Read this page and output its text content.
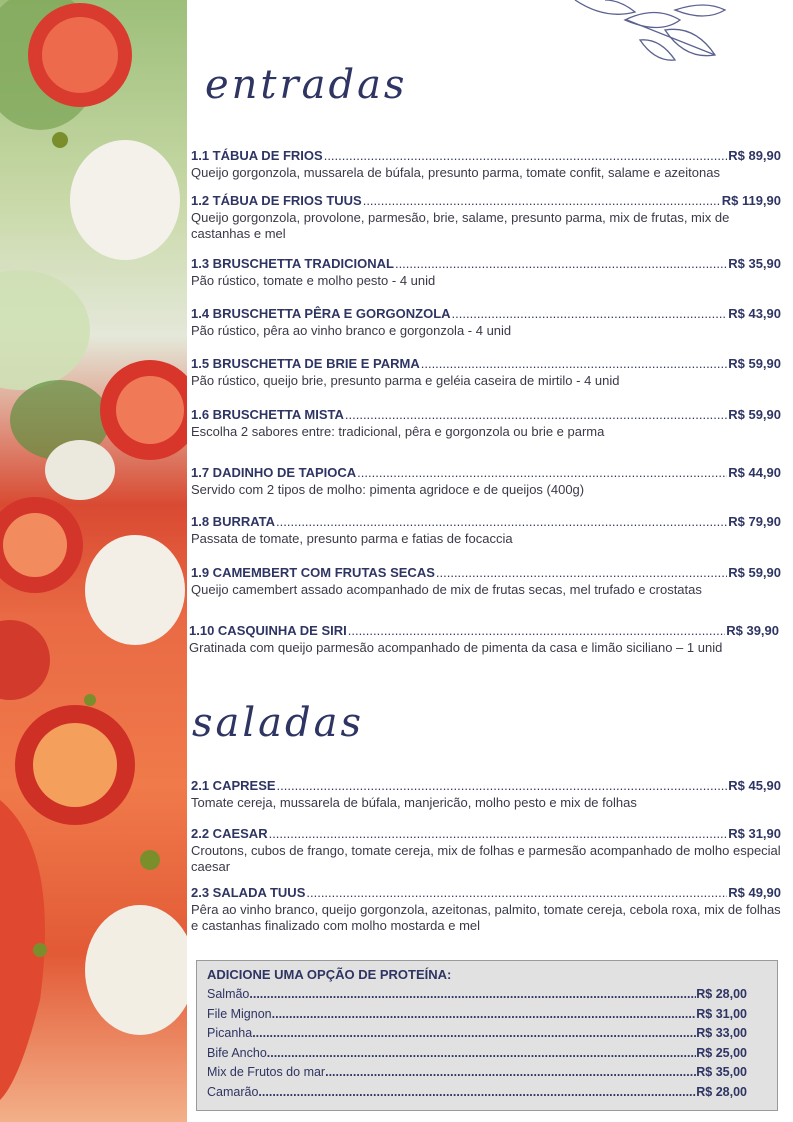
entradas
1.1 TÁBUA DE FRIOS .....	R$ 89,90
Queijo gorgonzola, mussarela de búfala, presunto parma, tomate confit, salame e azeitonas
1.2 TÁBUA DE FRIOS TUUS .....	R$ 119,90
Queijo gorgonzola, provolone, parmesão, brie, salame, presunto parma, mix de frutas, mix de castanhas e mel
1.3 BRUSCHETTA TRADICIONAL .....	R$ 35,90
Pão rústico, tomate e molho pesto - 4 unid
1.4 BRUSCHETTA PÊRA E GORGONZOLA .....	R$ 43,90
Pão rústico, pêra ao vinho branco e gorgonzola - 4 unid
1.5 BRUSCHETTA DE BRIE E PARMA .....	R$ 59,90
Pão rústico, queijo brie, presunto parma e geléia caseira de mirtilo - 4 unid
1.6 BRUSCHETTA MISTA .....	R$ 59,90
Escolha 2 sabores entre: tradicional, pêra e gorgonzola ou brie e parma
1.7 DADINHO DE TAPIOCA .....	R$ 44,90
Servido com 2 tipos de molho: pimenta agridoce e de queijos (400g)
1.8 BURRATA .....	R$ 79,90
Passata de tomate, presunto parma e fatias de focaccia
1.9 CAMEMBERT COM FRUTAS SECAS .....	R$ 59,90
Queijo camembert assado acompanhado de mix de frutas secas, mel trufado e crostatas
1.10 CASQUINHA DE SIRI .....	R$ 39,90
Gratinada com queijo parmesão acompanhado de pimenta da casa e limão siciliano – 1 unid
saladas
2.1 CAPRESE .....	R$ 45,90
Tomate cereja, mussarela de búfala, manjericão, molho pesto e mix de folhas
2.2 CAESAR .....	R$ 31,90
Croutons, cubos de frango, tomate cereja, mix de folhas e parmesão acompanhado de molho especial caesar
2.3 SALADA TUUS .....	R$ 49,90
Pêra ao vinho branco, queijo gorgonzola, azeitonas, palmito, tomate cereja, cebola roxa, mix de folhas e castanhas finalizado com molho mostarda e mel
ADICIONE UMA OPÇÃO DE PROTEÍNA:
Salmão .....	R$ 28,00
File Mignon .....	R$ 31,00
Picanha .....	R$ 33,00
Bife Ancho .....	R$ 25,00
Mix de Frutos do mar .....	R$ 35,00
Camarão .....	R$ 28,00
